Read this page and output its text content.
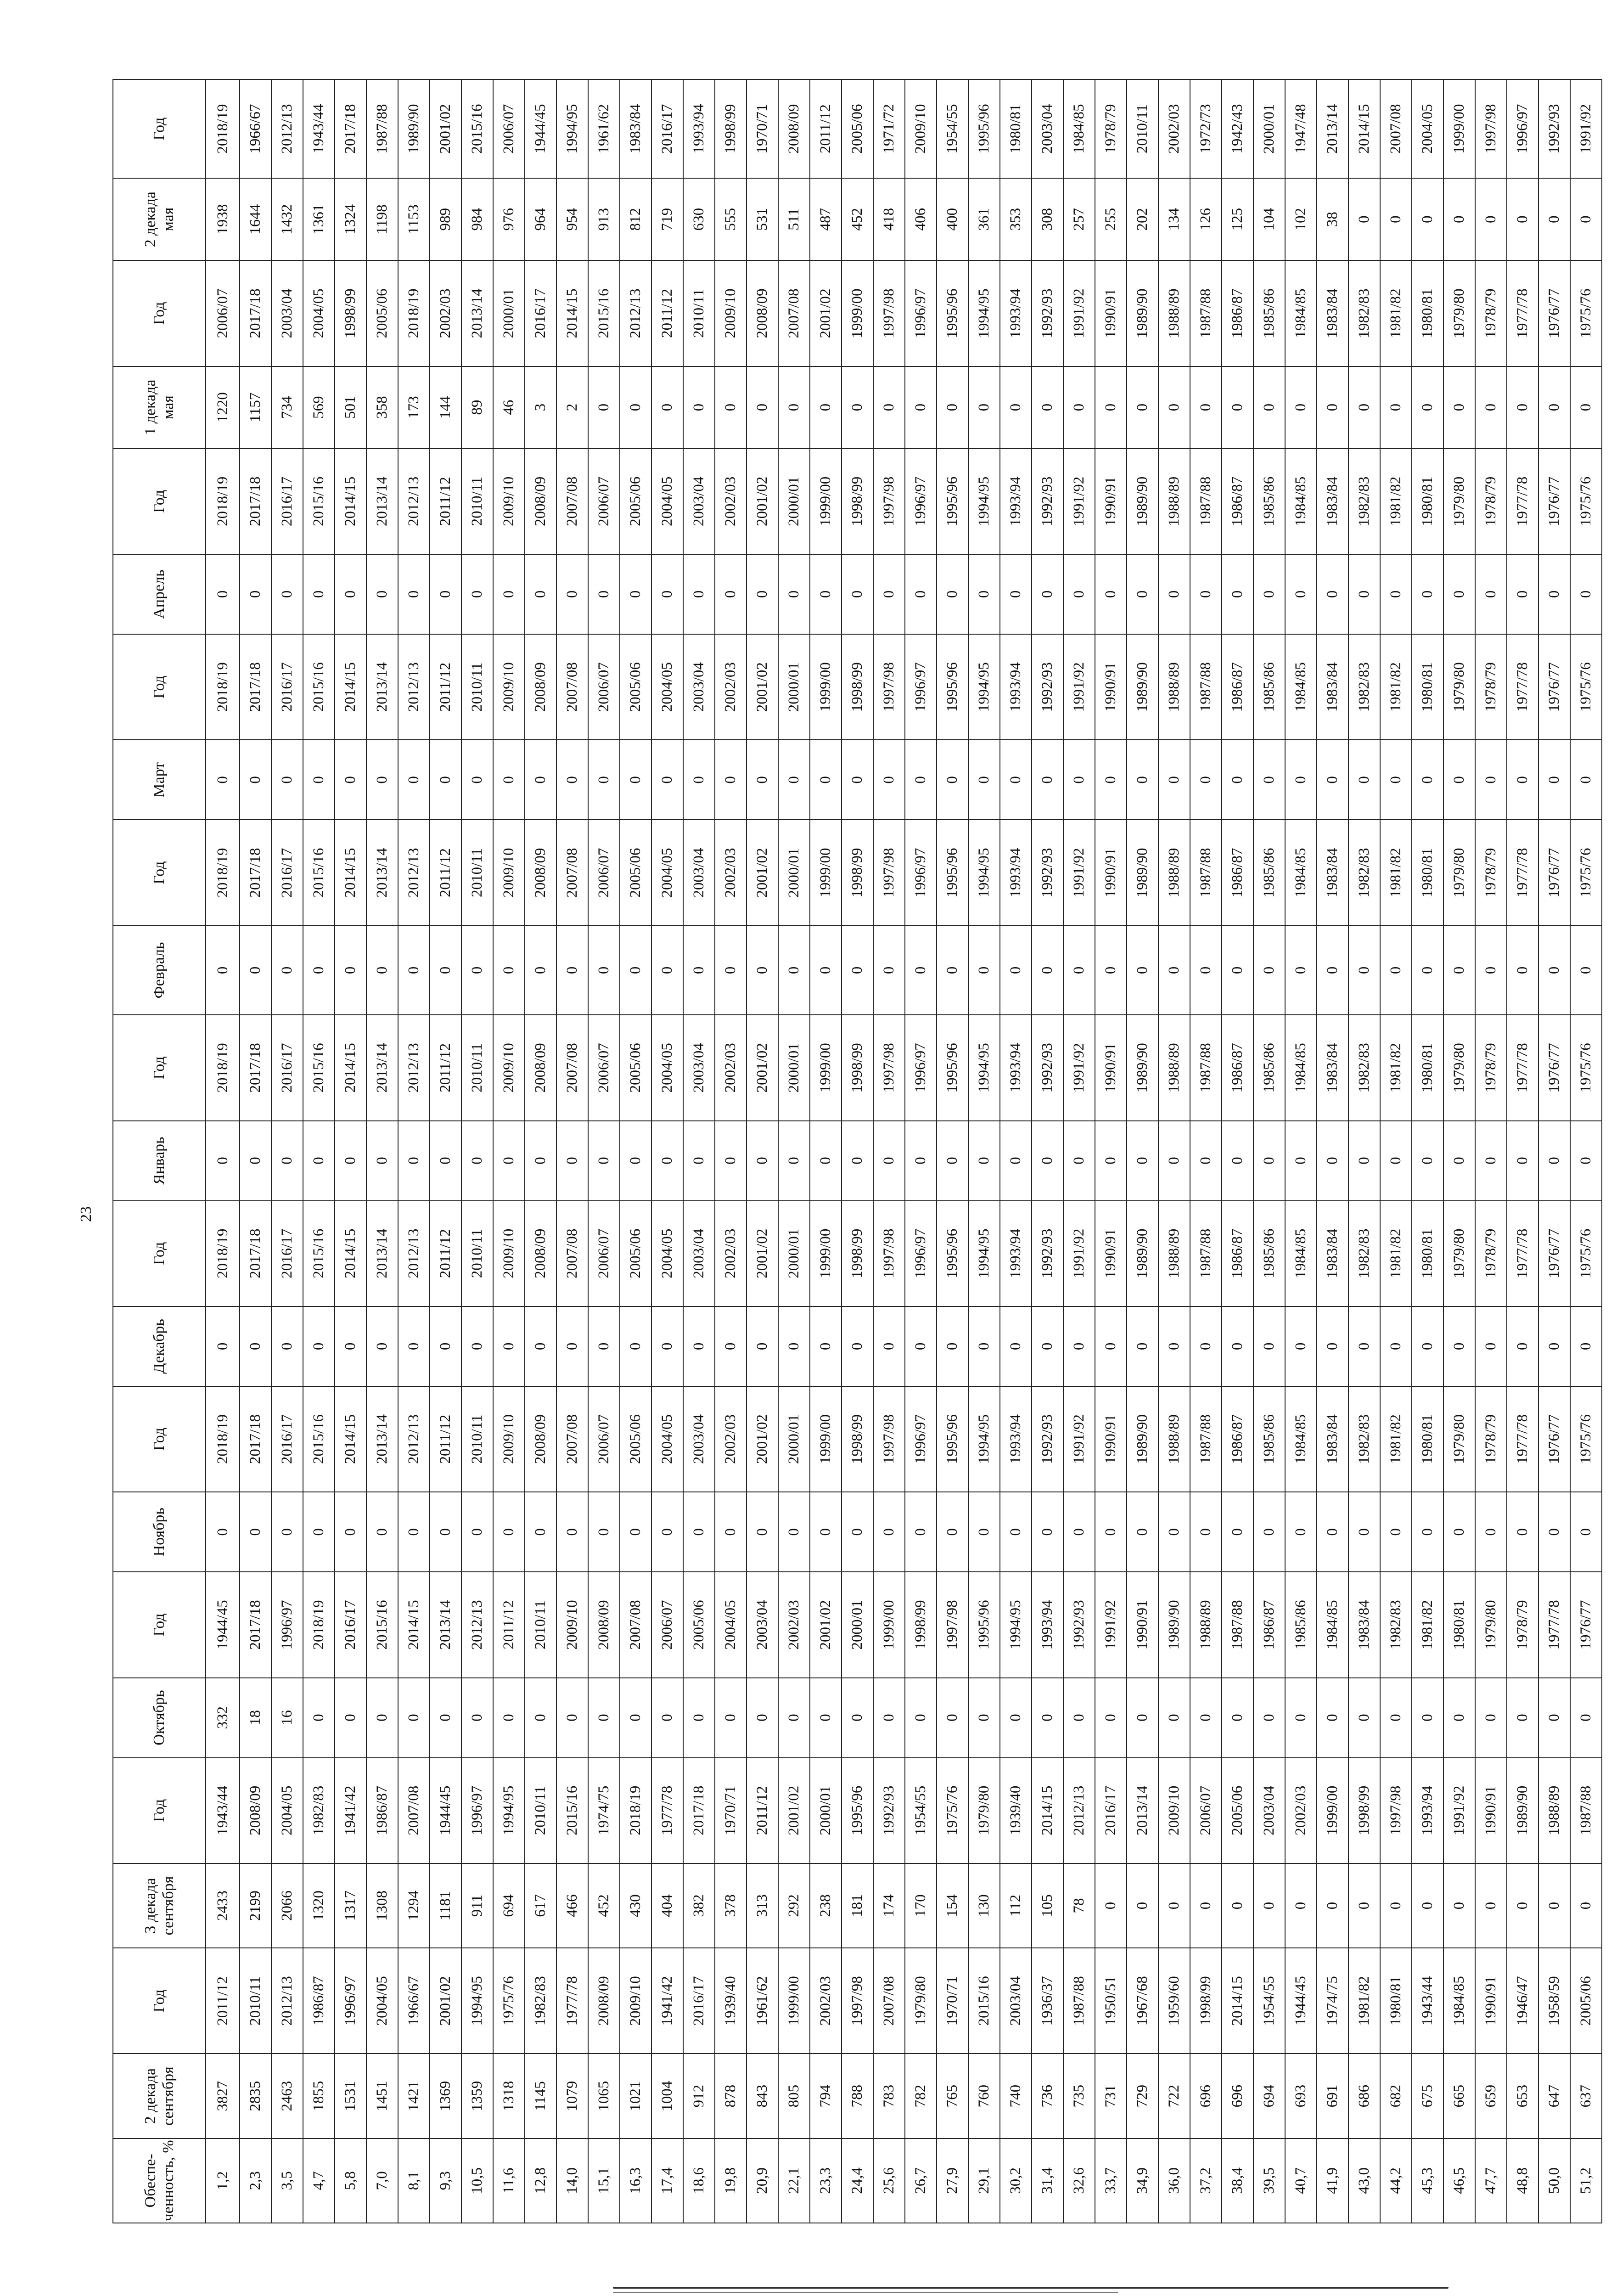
23
Обеспе-ченность, %	2 декада сентября	Год	3 декада сентября	Год	Октябрь	Год	Ноябрь	Год	Декабрь	Год	Январь	Год	Февраль	Год	Март	Год	Апрель	Год	1 декада мая	Год	2 декада мая	Год
1,2	3827	2011/12	2433	1943/44	332	1944/45	0	2018/19	0	2018/19	0	2018/19	0	2018/19	0	2018/19	0	2018/19	1220	2006/07	1938	2018/19
2,3	2835	2010/11	2199	2008/09	18	2017/18	0	2017/18	0	2017/18	0	2017/18	0	2017/18	0	2017/18	0	2017/18	1157	2017/18	1644	1966/67
3,5	2463	2012/13	2066	2004/05	16	1996/97	0	2016/17	0	2016/17	0	2016/17	0	2016/17	0	2016/17	0	2016/17	734	2003/04	1432	2012/13
4,7	1855	1986/87	1320	1982/83	0	2018/19	0	2015/16	0	2015/16	0	2015/16	0	2015/16	0	2015/16	0	2015/16	569	2004/05	1361	1943/44
5,8	1531	1996/97	1317	1941/42	0	2016/17	0	2014/15	0	2014/15	0	2014/15	0	2014/15	0	2014/15	0	2014/15	501	1998/99	1324	2017/18
7,0	1451	2004/05	1308	1986/87	0	2015/16	0	2013/14	0	2013/14	0	2013/14	0	2013/14	0	2013/14	0	2013/14	358	2005/06	1198	1987/88
8,1	1421	1966/67	1294	2007/08	0	2014/15	0	2012/13	0	2012/13	0	2012/13	0	2012/13	0	2012/13	0	2012/13	173	2018/19	1153	1989/90
9,3	1369	2001/02	1181	1944/45	0	2013/14	0	2011/12	0	2011/12	0	2011/12	0	2011/12	0	2011/12	0	2011/12	144	2002/03	989	2001/02
10,5	1359	1994/95	911	1996/97	0	2012/13	0	2010/11	0	2010/11	0	2010/11	0	2010/11	0	2010/11	0	2010/11	89	2013/14	984	2015/16
11,6	1318	1975/76	694	1994/95	0	2011/12	0	2009/10	0	2009/10	0	2009/10	0	2009/10	0	2009/10	0	2009/10	46	2000/01	976	2006/07
12,8	1145	1982/83	617	2010/11	0	2010/11	0	2008/09	0	2008/09	0	2008/09	0	2008/09	0	2008/09	0	2008/09	3	2016/17	964	1944/45
14,0	1079	1977/78	466	2015/16	0	2009/10	0	2007/08	0	2007/08	0	2007/08	0	2007/08	0	2007/08	0	2007/08	2	2014/15	954	1994/95
15,1	1065	2008/09	452	1974/75	0	2008/09	0	2006/07	0	2006/07	0	2006/07	0	2006/07	0	2006/07	0	2006/07	0	2015/16	913	1961/62
16,3	1021	2009/10	430	2018/19	0	2007/08	0	2005/06	0	2005/06	0	2005/06	0	2005/06	0	2005/06	0	2005/06	0	2012/13	812	1983/84
17,4	1004	1941/42	404	1977/78	0	2006/07	0	2004/05	0	2004/05	0	2004/05	0	2004/05	0	2004/05	0	2004/05	0	2011/12	719	2016/17
18,6	912	2016/17	382	2017/18	0	2005/06	0	2003/04	0	2003/04	0	2003/04	0	2003/04	0	2003/04	0	2003/04	0	2010/11	630	1993/94
19,8	878	1939/40	378	1970/71	0	2004/05	0	2002/03	0	2002/03	0	2002/03	0	2002/03	0	2002/03	0	2002/03	0	2009/10	555	1998/99
20,9	843	1961/62	313	2011/12	0	2003/04	0	2001/02	0	2001/02	0	2001/02	0	2001/02	0	2001/02	0	2001/02	0	2008/09	531	1970/71
22,1	805	1999/00	292	2001/02	0	2002/03	0	2000/01	0	2000/01	0	2000/01	0	2000/01	0	2000/01	0	2000/01	0	2007/08	511	2008/09
23,3	794	2002/03	238	2000/01	0	2001/02	0	1999/00	0	1999/00	0	1999/00	0	1999/00	0	1999/00	0	1999/00	0	2001/02	487	2011/12
24,4	788	1997/98	181	1995/96	0	2000/01	0	1998/99	0	1998/99	0	1998/99	0	1998/99	0	1998/99	0	1998/99	0	1999/00	452	2005/06
25,6	783	2007/08	174	1992/93	0	1999/00	0	1997/98	0	1997/98	0	1997/98	0	1997/98	0	1997/98	0	1997/98	0	1997/98	418	1971/72
26,7	782	1979/80	170	1954/55	0	1998/99	0	1996/97	0	1996/97	0	1996/97	0	1996/97	0	1996/97	0	1996/97	0	1996/97	406	2009/10
27,9	765	1970/71	154	1975/76	0	1997/98	0	1995/96	0	1995/96	0	1995/96	0	1995/96	0	1995/96	0	1995/96	0	1995/96	400	1954/55
29,1	760	2015/16	130	1979/80	0	1995/96	0	1994/95	0	1994/95	0	1994/95	0	1994/95	0	1994/95	0	1994/95	0	1994/95	361	1995/96
30,2	740	2003/04	112	1939/40	0	1994/95	0	1993/94	0	1993/94	0	1993/94	0	1993/94	0	1993/94	0	1993/94	0	1993/94	353	1980/81
31,4	736	1936/37	105	2014/15	0	1993/94	0	1992/93	0	1992/93	0	1992/93	0	1992/93	0	1992/93	0	1992/93	0	1992/93	308	2003/04
32,6	735	1987/88	78	2012/13	0	1992/93	0	1991/92	0	1991/92	0	1991/92	0	1991/92	0	1991/92	0	1991/92	0	1991/92	257	1984/85
33,7	731	1950/51	0	2016/17	0	1991/92	0	1990/91	0	1990/91	0	1990/91	0	1990/91	0	1990/91	0	1990/91	0	1990/91	255	1978/79
34,9	729	1967/68	0	2013/14	0	1990/91	0	1989/90	0	1989/90	0	1989/90	0	1989/90	0	1989/90	0	1989/90	0	1989/90	202	2010/11
36,0	722	1959/60	0	2009/10	0	1989/90	0	1988/89	0	1988/89	0	1988/89	0	1988/89	0	1988/89	0	1988/89	0	1988/89	134	2002/03
37,2	696	1998/99	0	2006/07	0	1988/89	0	1987/88	0	1987/88	0	1987/88	0	1987/88	0	1987/88	0	1987/88	0	1987/88	126	1972/73
38,4	696	2014/15	0	2005/06	0	1987/88	0	1986/87	0	1986/87	0	1986/87	0	1986/87	0	1986/87	0	1986/87	0	1986/87	125	1942/43
39,5	694	1954/55	0	2003/04	0	1986/87	0	1985/86	0	1985/86	0	1985/86	0	1985/86	0	1985/86	0	1985/86	0	1985/86	104	2000/01
40,7	693	1944/45	0	2002/03	0	1985/86	0	1984/85	0	1984/85	0	1984/85	0	1984/85	0	1984/85	0	1984/85	0	1984/85	102	1947/48
41,9	691	1974/75	0	1999/00	0	1984/85	0	1983/84	0	1983/84	0	1983/84	0	1983/84	0	1983/84	0	1983/84	0	1983/84	38	2013/14
43,0	686	1981/82	0	1998/99	0	1983/84	0	1982/83	0	1982/83	0	1982/83	0	1982/83	0	1982/83	0	1982/83	0	1982/83	0	2014/15
44,2	682	1980/81	0	1997/98	0	1982/83	0	1981/82	0	1981/82	0	1981/82	0	1981/82	0	1981/82	0	1981/82	0	1981/82	0	2007/08
45,3	675	1943/44	0	1993/94	0	1981/82	0	1980/81	0	1980/81	0	1980/81	0	1980/81	0	1980/81	0	1980/81	0	1980/81	0	2004/05
46,5	665	1984/85	0	1991/92	0	1980/81	0	1979/80	0	1979/80	0	1979/80	0	1979/80	0	1979/80	0	1979/80	0	1979/80	0	1999/00
47,7	659	1990/91	0	1990/91	0	1979/80	0	1978/79	0	1978/79	0	1978/79	0	1978/79	0	1978/79	0	1978/79	0	1978/79	0	1997/98
48,8	653	1946/47	0	1989/90	0	1978/79	0	1977/78	0	1977/78	0	1977/78	0	1977/78	0	1977/78	0	1977/78	0	1977/78	0	1996/97
50,0	647	1958/59	0	1988/89	0	1977/78	0	1976/77	0	1976/77	0	1976/77	0	1976/77	0	1976/77	0	1976/77	0	1976/77	0	1992/93
51,2	637	2005/06	0	1987/88	0	1976/77	0	1975/76	0	1975/76	0	1975/76	0	1975/76	0	1975/76	0	1975/76	0	1975/76	0	1991/92
